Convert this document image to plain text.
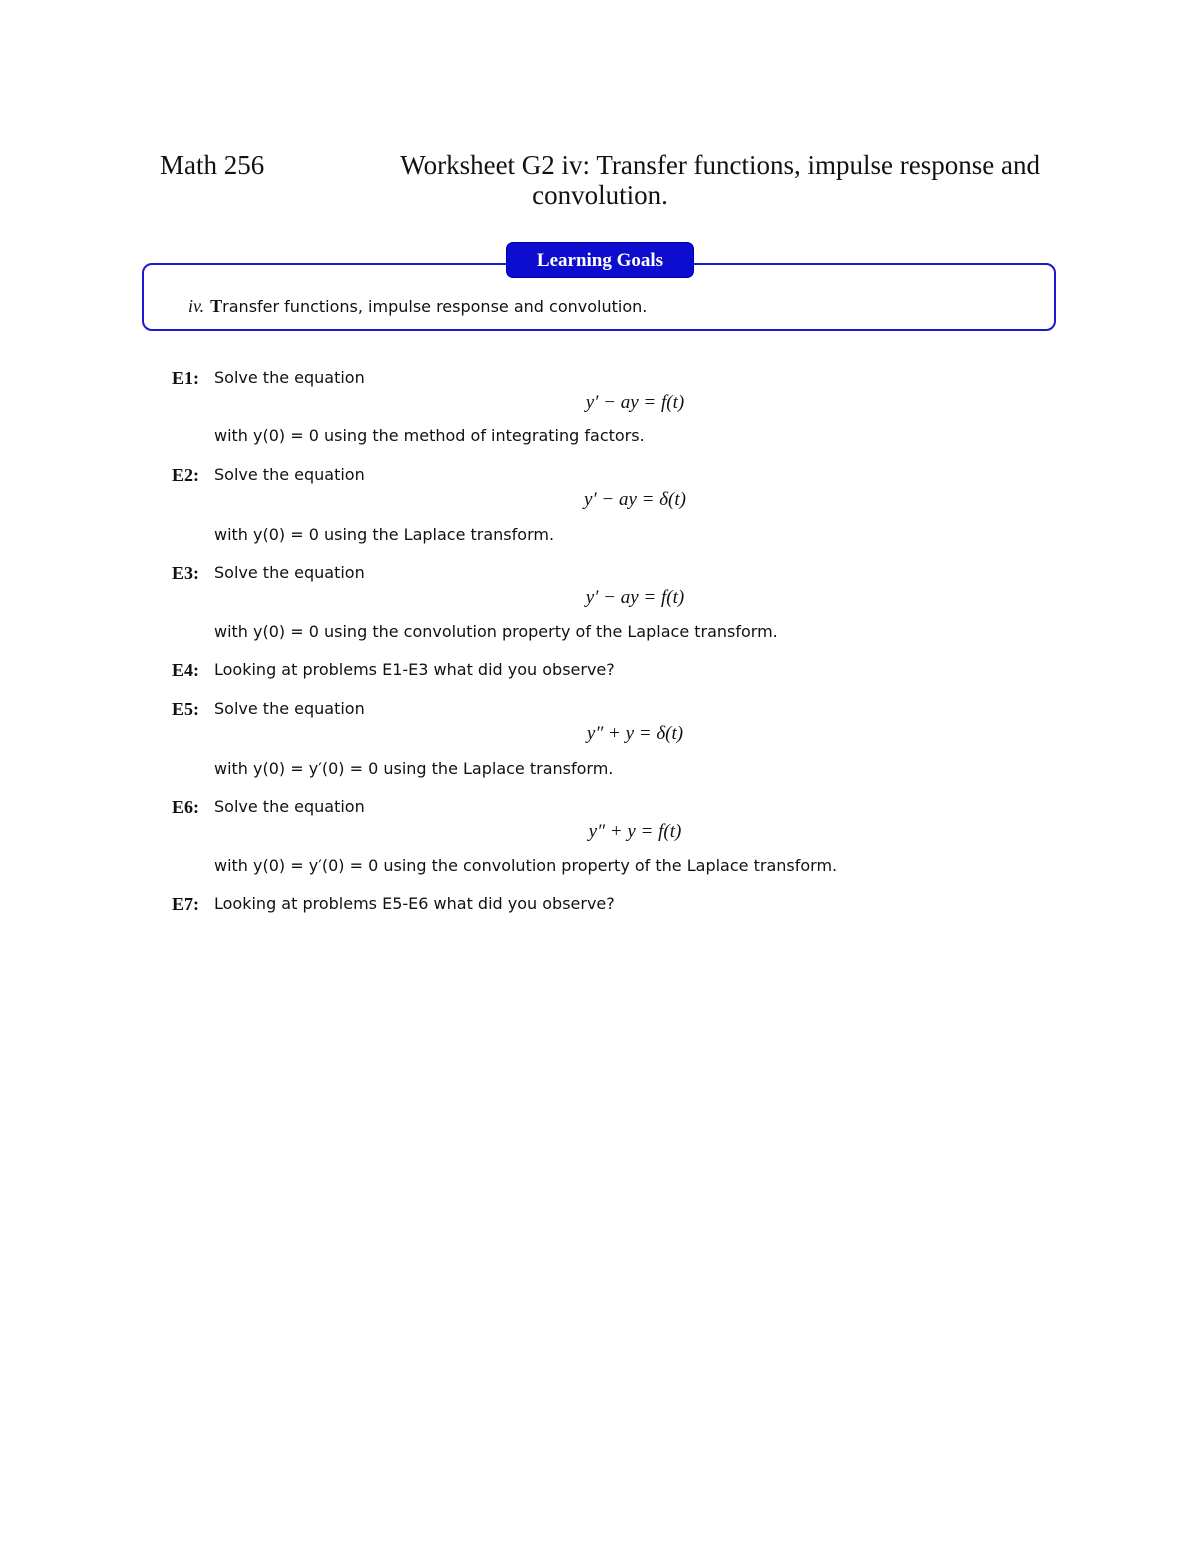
Math 256	Worksheet G2 iv: Transfer functions, impulse response and
convolution.
Learning Goals
iv. Transfer functions, impulse response and convolution.
E1: Solve the equation
y′ − ay = f(t)
with y(0) = 0 using the method of integrating factors.
E2: Solve the equation
y′ − ay = δ(t)
with y(0) = 0 using the Laplace transform.
E3: Solve the equation
y′ − ay = f(t)
with y(0) = 0 using the convolution property of the Laplace transform.
E4: Looking at problems E1-E3 what did you observe?
E5: Solve the equation
y″ + y = δ(t)
with y(0) = y′(0) = 0 using the Laplace transform.
E6: Solve the equation
y″ + y = f(t)
with y(0) = y′(0) = 0 using the convolution property of the Laplace transform.
E7: Looking at problems E5-E6 what did you observe?
